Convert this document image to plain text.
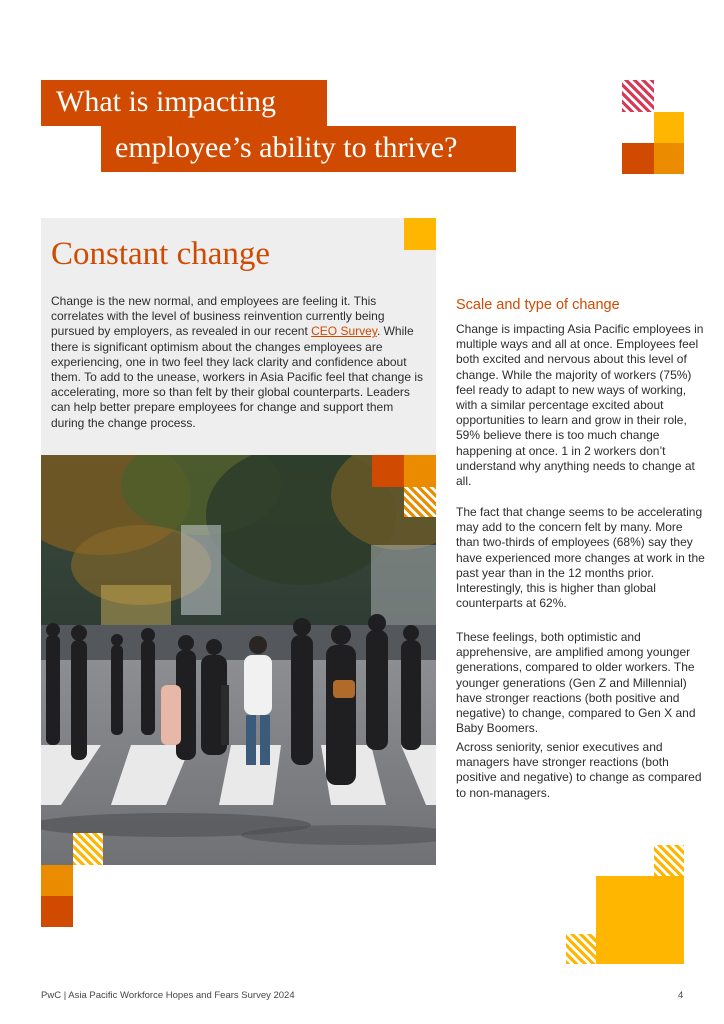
What is impacting
employee’s ability to thrive?
Constant change

Change is the new normal, and employees are feeling it. This correlates with the level of business reinvention currently being pursued by employers, as revealed in our recent CEO Survey. While there is significant optimism about the changes employees are experiencing, one in two feel they lack clarity and confidence about them. To add to the unease, workers in Asia Pacific feel that change is accelerating, more so than felt by their global counterparts. Leaders can help better prepare employees for change and support them during the change process.

Scale and type of change

Change is impacting Asia Pacific employees in multiple ways and all at once. Employees feel both excited and nervous about this level of change. While the majority of workers (75%) feel ready to adapt to new ways of working, with a similar percentage excited about opportunities to learn and grow in their role, 59% believe there is too much change happening at once. 1 in 2 workers don’t understand why anything needs to change at all.

The fact that change seems to be accelerating may add to the concern felt by many. More than two-thirds of employees (68%) say they have experienced more changes at work in the past year than in the 12 months prior. Interestingly, this is higher than global counterparts at 62%.

These feelings, both optimistic and apprehensive, are amplified among younger generations, compared to older workers. The younger generations (Gen Z and Millennial) have stronger reactions (both positive and negative) to change, compared to Gen X and Baby Boomers.

Across seniority, senior executives and managers have stronger reactions (both positive and negative) to change as compared to non-managers.

PwC | Asia Pacific Workforce Hopes and Fears Survey 2024	4
